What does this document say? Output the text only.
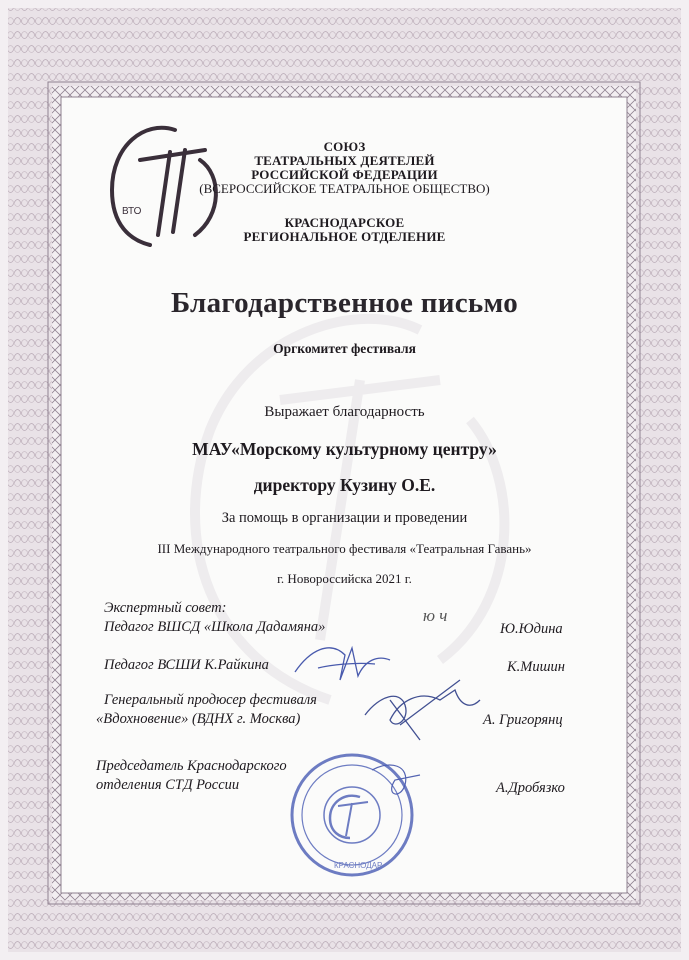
ВТО
СОЮЗ
ТЕАТРАЛЬНЫХ ДЕЯТЕЛЕЙ
РОССИЙСКОЙ ФЕДЕРАЦИИ
(ВСЕРОССИЙСКОЕ ТЕАТРАЛЬНОЕ ОБЩЕСТВО)
КРАСНОДАРСКОЕ
РЕГИОНАЛЬНОЕ ОТДЕЛЕНИЕ
Благодарственное письмо
Оргкомитет фестиваля
Выражает благодарность
МАУ«Морскому культурному центру»
директору Кузину О.Е.
За помощь в организации и проведении
III Международного театрального фестиваля «Театральная Гавань»
г. Новороссийска 2021 г.
Экспертный совет:
Педагог ВШСД «Школа Дадамяна»	Ю.Юдина
ю ч
Педагог ВСШИ К.Райкина	К.Мишин
Генеральный продюсер фестиваля
«Вдохновение» (ВДНХ г. Москва)	А. Григорянц
Председатель Краснодарского
отделения СТД России	А.Дробязко
КРАСНОДАР
